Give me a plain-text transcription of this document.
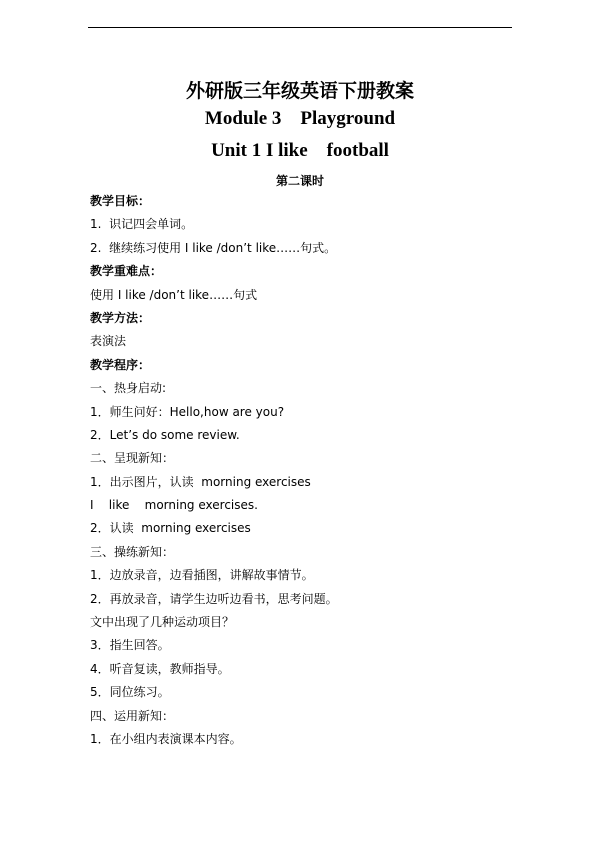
外研版三年级英语下册教案
Module 3    Playground
Unit 1 I like    football
第二课时
教学目标：
1.  识记四会单词。
2.  继续练习使用 I like /don’t like……句式。
教学重难点：
使用 I like /don’t like……句式
教学方法：
表演法
教学程序：
一、热身启动:
1．师生问好：Hello,how are you?
2．Let’s do some review.
二、呈现新知：
1．出示图片，认读  morning exercises
I    like    morning exercises.
2．认读  morning exercises
三、操练新知：
1．边放录音，边看插图，讲解故事情节。
2．再放录音，请学生边听边看书，思考问题。
文中出现了几种运动项目？
3．指生回答。
4．听音复读，教师指导。
5．同位练习。
四、运用新知：
1．在小组内表演课本内容。
